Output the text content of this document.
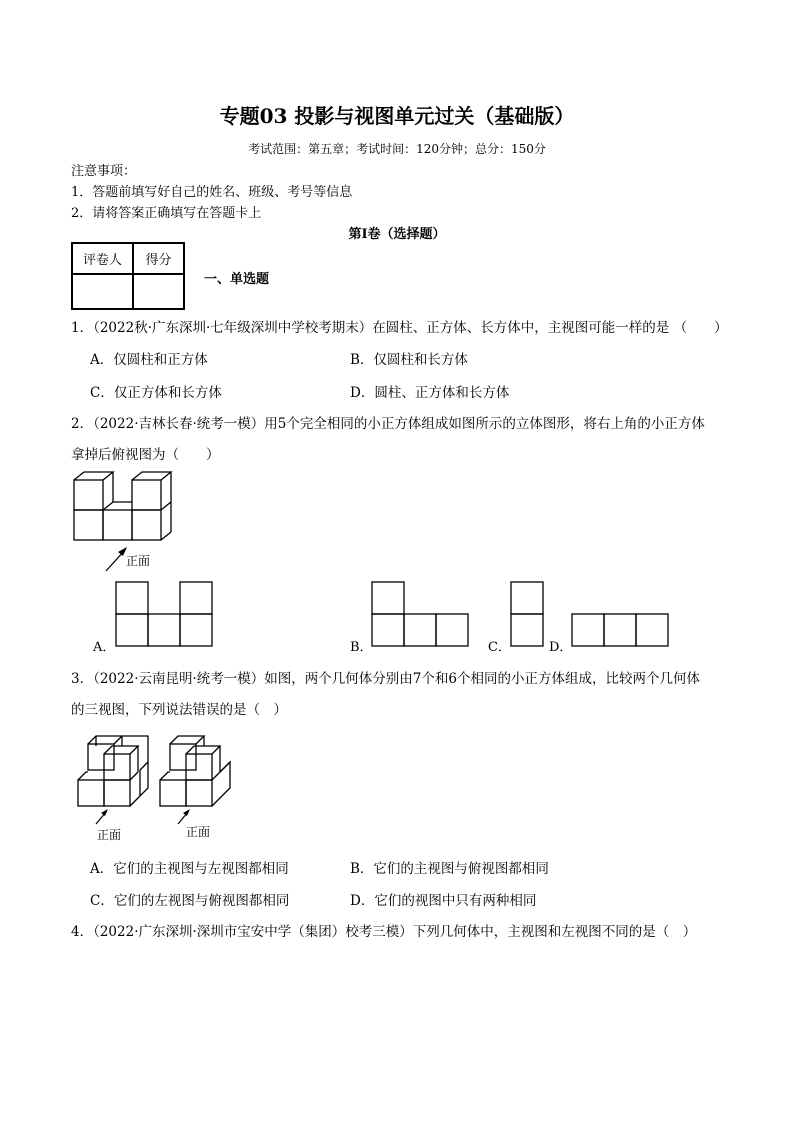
专题03 投影与视图单元过关（基础版）
考试范围：第五章；考试时间：120分钟；总分：150分
注意事项：
1．答题前填写好自己的姓名、班级、考号等信息
2．请将答案正确填写在答题卡上
第I卷（选择题）
评卷人	得分

一、单选题
1．（2022秋·广东深圳·七年级深圳中学校考期末）在圆柱、正方体、长方体中，主视图可能一样的是 （　　）
A．仅圆柱和正方体	B．仅圆柱和长方体
C．仅正方体和长方体	D．圆柱、正方体和长方体
2．（2022·吉林长春·统考一模）用5个完全相同的小正方体组成如图所示的立体图形，将右上角的小正方体
拿掉后俯视图为（　　）
正面
A．	B．	C．	D．
3．（2022·云南昆明·统考一模）如图，两个几何体分别由7个和6个相同的小正方体组成，比较两个几何体
的三视图，下列说法错误的是（　）
正面	正面
A．它们的主视图与左视图都相同	B．它们的主视图与俯视图都相同
C．它们的左视图与俯视图都相同	D．它们的视图中只有两种相同
4．（2022·广东深圳·深圳市宝安中学（集团）校考三模）下列几何体中，主视图和左视图不同的是（　）
